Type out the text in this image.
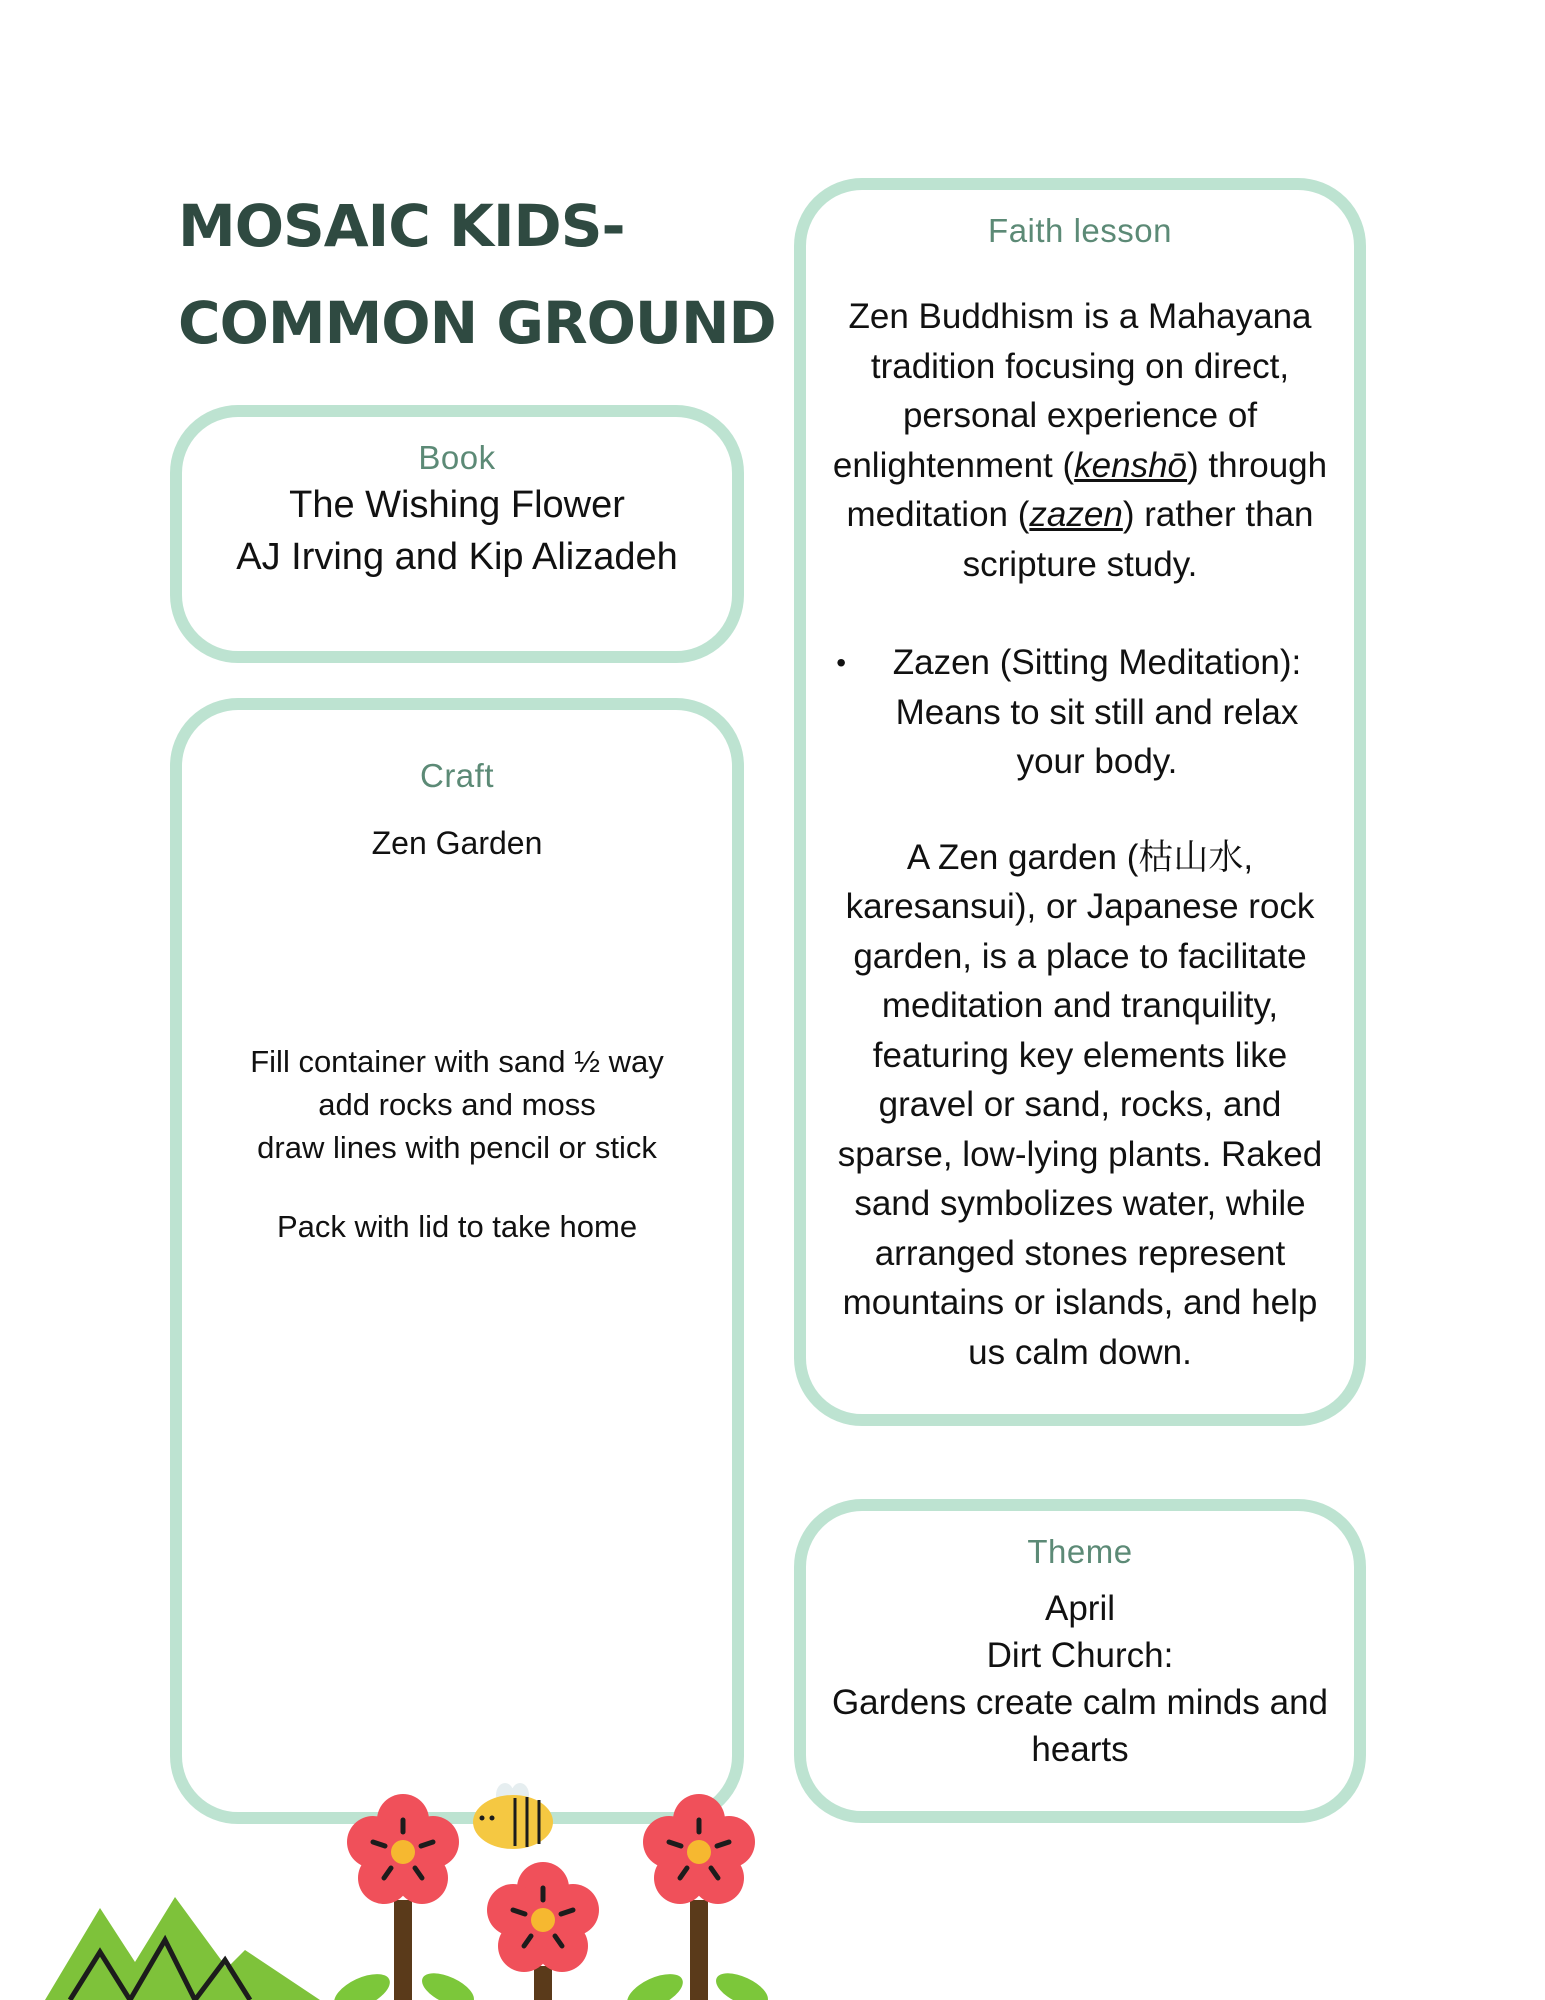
MOSAIC KIDS-
COMMON GROUND
Book
The Wishing Flower
AJ Irving and Kip Alizadeh
Craft
Zen Garden
Fill container with sand ½ way
add rocks and moss
draw lines with pencil or stick
Pack with lid to take home
Faith lesson
Zen Buddhism is a Mahayana tradition focusing on direct, personal experience of enlightenment (kenshō) through meditation (zazen) rather than scripture study.
•	Zazen (Sitting Meditation): Means to sit still and relax your body.
A Zen garden (枯山水, karesansui), or Japanese rock garden, is a place to facilitate meditation and tranquility, featuring key elements like gravel or sand, rocks, and sparse, low-lying plants. Raked sand symbolizes water, while arranged stones represent mountains or islands, and help us calm down.
Theme
April
Dirt Church:
Gardens create calm minds and hearts
